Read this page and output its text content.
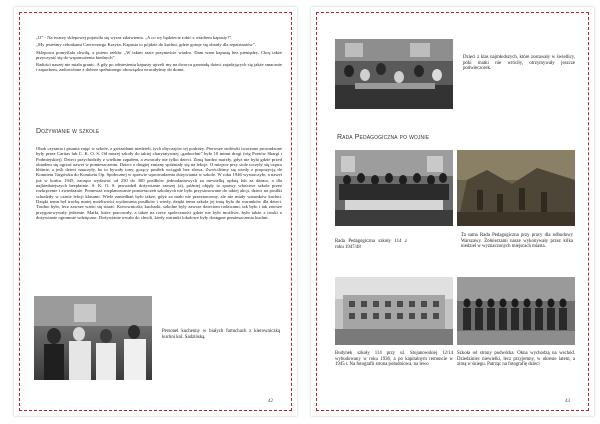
„O” - Na twarzy sklepowej pojawiła się wyraz zdziwienia. „A co wy będziecie robić z wiadrem kapusty?”.

„My jesteśmy członkami Czerwonego Krzyża. Kapusta to pójdzie do kuchni, gdzie gotuje się obiady dla repatriantów”.

Sklepowa pomyślała chwilę, a potem rzekła: „W takim razie przynieście wiadro. Dam wam kapustę bez pieniędzy. Chcę także przyczynić się do wspomożenia biednych”.

Radości naszej nie miała granic. A gdy po odniesieniu kapusty ujrzeli my na dworcu gromadę dzieci zajadających się jakże smacznie i zapachem, zadowolone z dobrze spełnionego obowiązku wracałyśmy do domu.

Dożywianie w szkole
Obok czytania i pisania zajęć w szkole, z gwiazdami niedzieli, tych obyczajów tej podróży. Pierwsze stołówki tworzone prowadzone były przez Caritas lub C. K. O. S. Od naszej szkoły do takiej charytatywnej „garkuchni” było 10 minut drogi (róg Poetów Skargi i Podmiejskiej). Dzieci przychodziły z wielkim zapałem, a zwracały nie tylko dzieci. Zimą bardzo marzły, gdyż nie było gdzie przed obiadem się ogrzać nawet w pomieszczeniu. Dzieci z drugiej zmiany spóźniały się na lekcje. O miejsce przy stole toczyły się często kłótnie, a jeśli dzieci nauczyły, bo to bywały tony, gorący posiłek wciągali bez słowa. Zwróciliśmy się wtedy z propozycją do Komitetu Targówka do Komitetu Op. Społecznej w sprawie wprowadzenia dożywiania w szkole. W roku 1946 wystarczyło, a nawet już w końcu 1945, zaczęto wydawać od 250 do 300 posiłków jednodaniowych za niewielką opłatą lub za darmo, a dla najbiedniejszych bezpłatnie. S. K. O. S. prowadził dożywianie szerzej (a), później objęły to sprawy właściwe szkole przez rozkręcenie i zwiedzanie. Ponieważ rozplanowanie pomieszczeń szkolnych nie było przystosowane do takiej akcji, dzieci na posiłki schodziły w czasie lekcji klasami. Wiele zaniedbań było także, gdyż za mało nie przeznaczony, ale nie miały warunków kuchni. Dzięki temu był trochę mniej możliwości wydawania posiłków i wtedy, dzięki temu szkoła jej imię było do warunków dla dzieci. Trudno było, lecz zawsze warto się starać. Kierowniczki, kucharki, szkolne były zawsze dzieciom rodzicami, tak było i tak zawsze przygotowywały jedzenie. Matki, które pracowały, a także na rzecz społeczności gdzie nie było możliwe, było także z troski o dożywianie ogromnie wdzięczne. Dożywianie trwało do chwili, kiedy warunki lokalowe były dostępne pomieszczenia kuchni.
Personel kuchenny w białych fartuchach z kierowniczką kuchni kol. Sadzińską.
42
Dzieci z klas najmłodszych, które zostawały w świetlicy, póki matki nie wróciły, otrzymywały jeszcze podwieczorek.
Rada Pedagogiczna po wojnie
Rada Pedagogiczna szkoły 114 z roku 1947/48
Ta sama Rada Pedagogiczna przy pracy dla odbudowy Warszawy. Żołnierzami nasze wykonywały przez kilka niedziel w wyznaczonych miejscach miasta.
Budynek szkoły 114 przy ul. Stojanowskiej 12/14 wybudowany w roku 1936, a po kapitalnym remoncie w 1945 r. Na fotografii strona południowa, na lewo
Szkoła od strony podwórka. Okna wychodzą na wschód. Dziedziniec niewielki, lecz przyjemny, w okresie latem, a zimą w śniegu. Patrząc na fotografię dzieci
43
